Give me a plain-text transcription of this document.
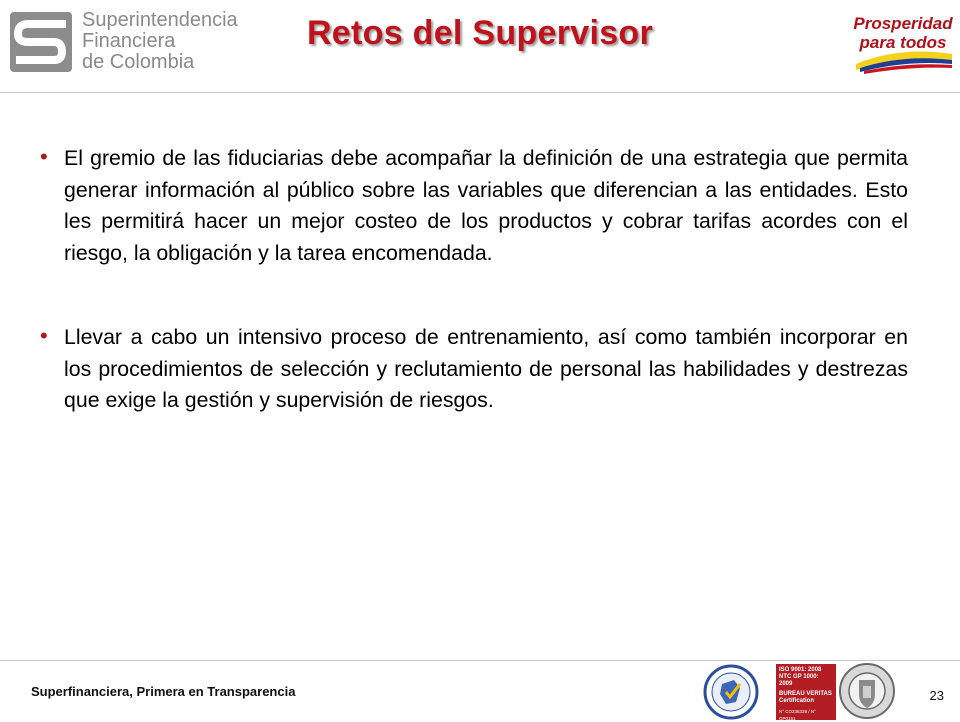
Superintendencia
Financiera
de Colombia
Retos del Supervisor	Prosperidad
para todos
• El gremio de las fiduciarias debe acompañar la definición de una estrategia que permita generar información al público sobre las variables que diferencian a las entidades. Esto les permitirá hacer un mejor costeo de los productos y cobrar tarifas acordes con el riesgo, la obligación y la tarea encomendada.
• Llevar a cabo un intensivo proceso de entrenamiento, así como también incorporar en los procedimientos de selección y reclutamiento de personal las habilidades y destrezas que exige la gestión y supervisión de riesgos.
Superfinanciera, Primera en Transparencia
ISO 9001: 2008
NTC GP 1000: 2009
BUREAU VERITAS
Certification
N° CO236339 / N° GP0151
23
